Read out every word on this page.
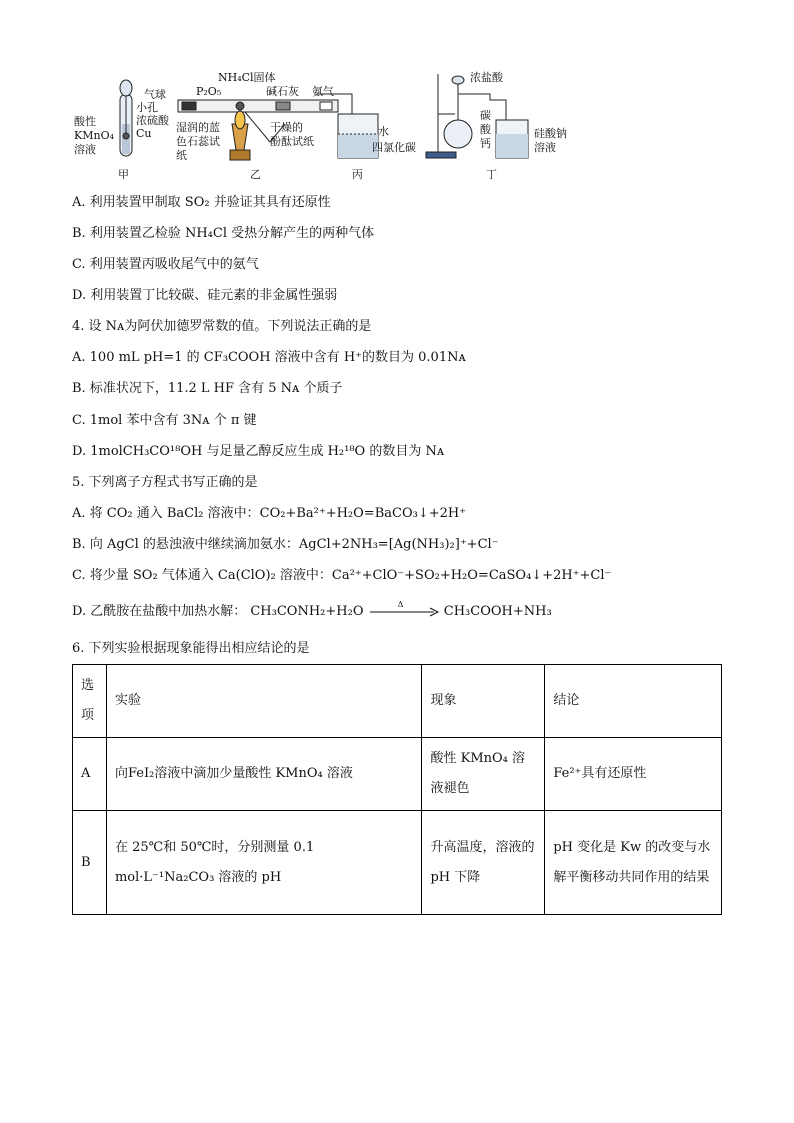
气球
小孔
浓硫酸
Cu
酸性
KMnO₄
溶液
NH₄Cl固体
P₂O₅	碱石灰
湿润的蓝
色石蕊试
纸
干燥的
酚酞试纸
氨气
水
四氯化碳
浓盐酸
碳
酸
钙
硅酸钠
溶液
甲	乙	丙	丁
A. 利用装置甲制取 SO₂ 并验证其具有还原性
B. 利用装置乙检验 NH₄Cl 受热分解产生的两种气体
C. 利用装置丙吸收尾气中的氨气
D. 利用装置丁比较碳、硅元素的非金属性强弱
4. 设 Nᴀ为阿伏加德罗常数的值。下列说法正确的是
A. 100 mL pH=1 的 CF₃COOH 溶液中含有 H⁺的数目为 0.01Nᴀ
B. 标准状况下，11.2 L HF 含有 5 Nᴀ 个质子
C. 1mol 苯中含有 3Nᴀ 个 π 键
D. 1molCH₃CO¹⁸OH 与足量乙醇反应生成 H₂¹⁸O 的数目为 Nᴀ
5. 下列离子方程式书写正确的是
A. 将 CO₂ 通入 BaCl₂ 溶液中：CO₂+Ba²⁺+H₂O=BaCO₃↓+2H⁺
B. 向 AgCl 的悬浊液中继续滴加氨水：AgCl+2NH₃=[Ag(NH₃)₂]⁺+Cl⁻
C. 将少量 SO₂ 气体通入 Ca(ClO)₂ 溶液中：Ca²⁺+ClO⁻+SO₂+H₂O=CaSO₄↓+2H⁺+Cl⁻
D. 乙酰胺在盐酸中加热水解： CH₃CONH₂+H₂O	Δ	CH₃COOH+NH₃
6. 下列实验根据现象能得出相应结论的是
选项	实验	现象	结论
A	向FeI₂溶液中滴加少量酸性 KMnO₄ 溶液	酸性 KMnO₄ 溶液褪色	Fe²⁺具有还原性
B	在 25℃和 50℃时，分别测量 0.1 mol·L⁻¹Na₂CO₃ 溶液的 pH	升高温度，溶液的 pH 下降	pH 变化是 Kw 的改变与水解平衡移动共同作用的结果
